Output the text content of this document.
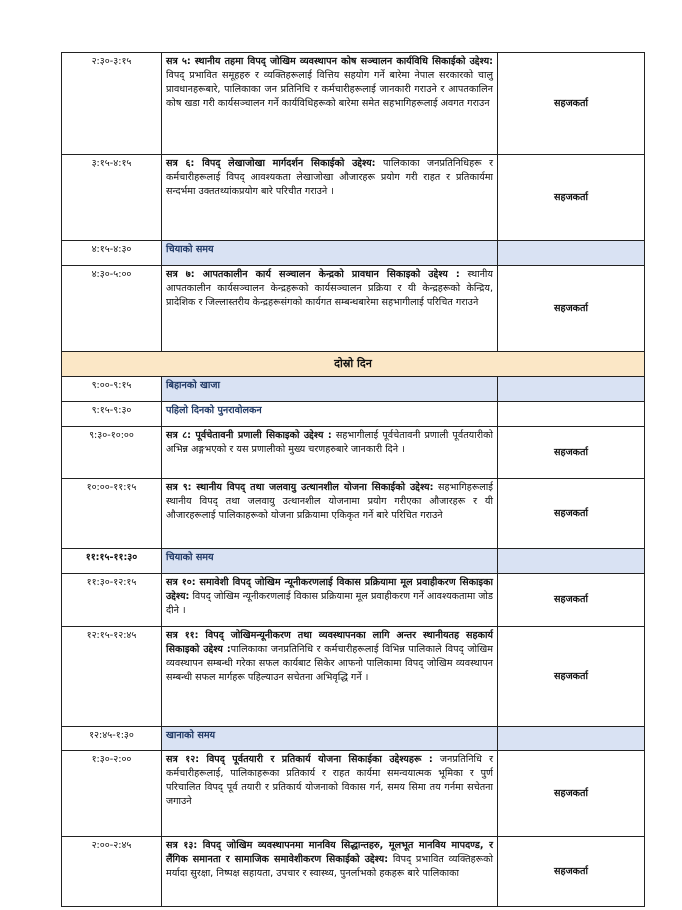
२:३०-३:१५	सत्र ५: स्थानीय तहमा विपद् जोखिम व्यवस्थापन कोष सञ्चालन कार्यविधि सिकाईको उद्देश्य: विपद् प्रभावित समूहहरु र व्यक्तिहरूलाई वित्तिय सहयोग गर्ने बारेमा नेपाल सरकारको चालु प्रावधानहरूबारे, पालिकाका जन प्रतिनिधि र कर्मचारीहरूलाई जानकारी गराउने र आपतकालिन कोष खडा गरी कार्यसञ्चालन गर्ने कार्यविधिहरूको बारेमा समेत सहभागिहरूलाई अवगत गराउन	सहजकर्ता
३:१५-४:१५	सत्र ६: विपद् लेखाजोखा मार्गदर्शन सिकाईको उद्देश्य: पालिकाका जनप्रतिनिधिहरू र कर्मचारीहरूलाई विपद् आवश्यकता लेखाजोखा औजारहरू प्रयोग गरी राहत र प्रतिकार्यमा सन्दर्भमा उक्ततथ्यांकप्रयोग बारे परिचीत गराउने ।	सहजकर्ता
४:१५-४:३०	चियाको समय	
४:३०-५:००	सत्र ७: आपतकालीन कार्य सञ्चालन केन्द्रको प्रावधान सिकाइको उद्देश्य : स्थानीय आपतकालीन कार्यसञ्चालन केन्द्रहरूको कार्यसञ्चालन प्रक्रिया र यी केन्द्रहरूको केन्द्रिय, प्रादेशिक र जिल्लास्तरीय केन्द्रहरूसंगको कार्यगत सम्बन्धबारेमा सहभागीलाई परिचित गराउने	सहजकर्ता
दोस्रो दिन		
९:००-९:१५	बिहानको खाजा	
९:१५-९:३०	पहिलो दिनको पुनरावोलकन	
९:३०-१०:००	सत्र ८: पूर्वचेतावनी प्रणाली सिकाइको उद्देश्य : सहभागीलाई पूर्वचेतावनी प्रणाली पूर्वतयारीको अभिन्न अङ्गभएको र यस प्रणालीको मुख्य चरणहरुबारे जानकारी दिने ।	सहजकर्ता
१०:००-११:१५	सत्र ९: स्थानीय विपद् तथा जलवायु उत्थानशील योजना सिकाईको उद्देश्य: सहभागिहरूलाई स्थानीय विपद् तथा जलवायु उत्थानशील योजनामा प्रयोग गरीएका औजारहरू र यी औजारहरूलाई पालिकाहरूको योजना प्रक्रियामा एकिकृत गर्ने बारे परिचित गराउने	सहजकर्ता
११:१५-११:३०	चियाको समय	
११:३०-१२:१५	सत्र १०: समावेशी विपद् जोखिम न्यूनीकरणलाई विकास प्रक्रियामा मूल प्रवाहीकरण सिकाइका उद्देश्य: विपद् जोखिम न्यूनीकरणलाई विकास प्रक्रियामा मूल प्रवाहीकरण गर्ने आवश्यकतामा जोड दीने ।	सहजकर्ता
१२:१५-१२:४५	सत्र ११: विपद् जोखिमन्यूनीकरण तथा व्यवस्थापनका लागि अन्तर स्थानीयतह सहकार्य सिकाइको उद्देश्य :पालिकाका जनप्रतिनिधि र कर्मचारीहरूलाई विभिन्न पालिकाले विपद् जोखिम व्यवस्थापन सम्बन्धी गरेका सफल कार्यबाट सिकेर आफनो पालिकामा विपद् जोखिम व्यवस्थापन सम्बन्धी सफल मार्गहरू पहिल्याउन सचेतना अभिवृद्धि गर्ने ।	सहजकर्ता
१२:४५-१:३०	खानाको समय	
१:३०-२:००	सत्र १२: विपद् पूर्वतयारी र प्रतिकार्य योजना सिकाईका उद्देश्यहरू : जनप्रतिनिधि र कर्मचारीहरूलाई, पालिकाहरूका प्रतिकार्य र राहत कार्यमा समन्वयात्मक भूमिका र पुर्ण परिचालित विपद् पूर्व तयारी र प्रतिकार्य योजनाको विकास गर्न, समय सिमा तय गर्नमा सचेतना जगाउने	सहजकर्ता
२:००-२:४५	सत्र १३: विपद् जोखिम व्यवस्थापनमा मानविय सिद्धान्तहरु, मूलभूत मानविय मापदण्ड, र लैंगिक समानता र सामाजिक समावेशीकरण सिकाईको उद्देश्य: विपद् प्रभावित व्यक्तिहरूको मर्यादा सुरक्षा, निष्पक्ष सहायता, उपचार र स्वास्थ्य, पुनर्लाभको हकहरू बारे पालिकाका	सहजकर्ता
